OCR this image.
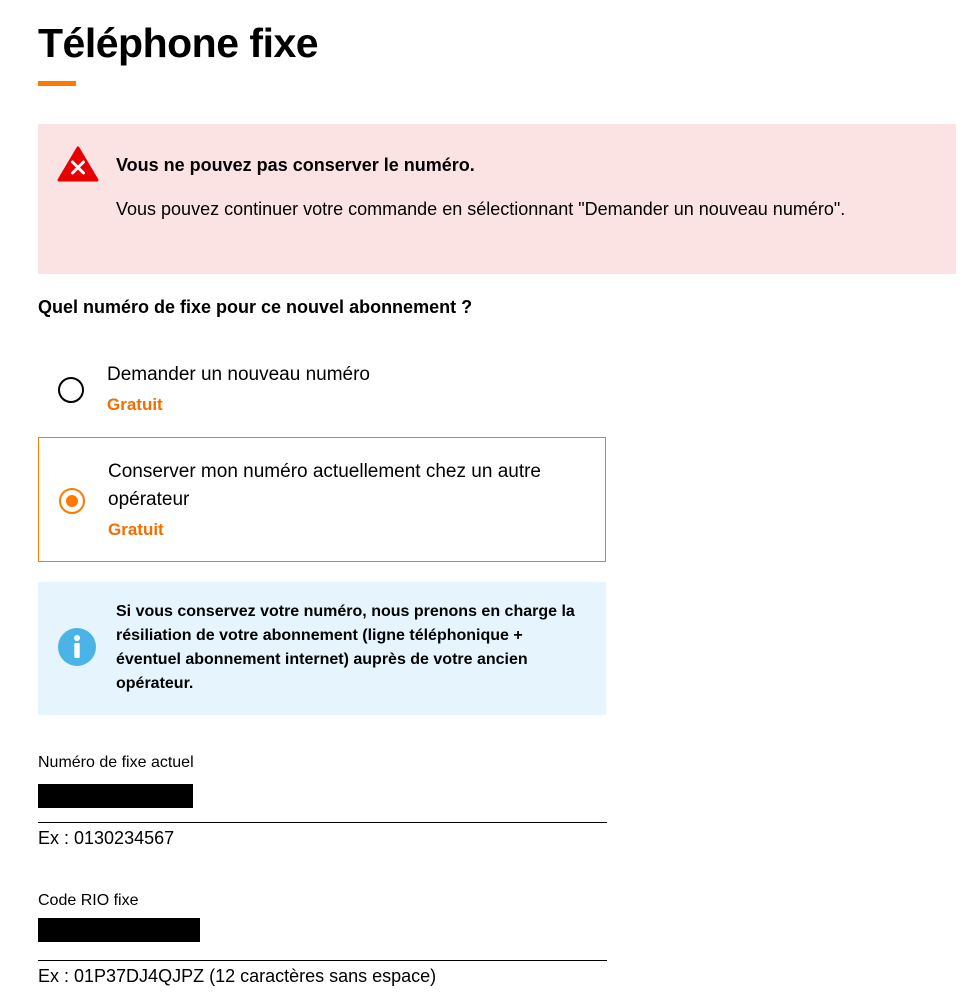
Téléphone fixe
Vous ne pouvez pas conserver le numéro.
Vous pouvez continuer votre commande en sélectionnant "Demander un nouveau numéro".
Quel numéro de fixe pour ce nouvel abonnement ?
Demander un nouveau numéro
Gratuit
Conserver mon numéro actuellement chez un autre opérateur
Gratuit
Si vous conservez votre numéro, nous prenons en charge la résiliation de votre abonnement (ligne téléphonique + éventuel abonnement internet) auprès de votre ancien opérateur.
Numéro de fixe actuel
Ex : 0130234567
Code RIO fixe
Ex : 01P37DJ4QJPZ (12 caractères sans espace)
